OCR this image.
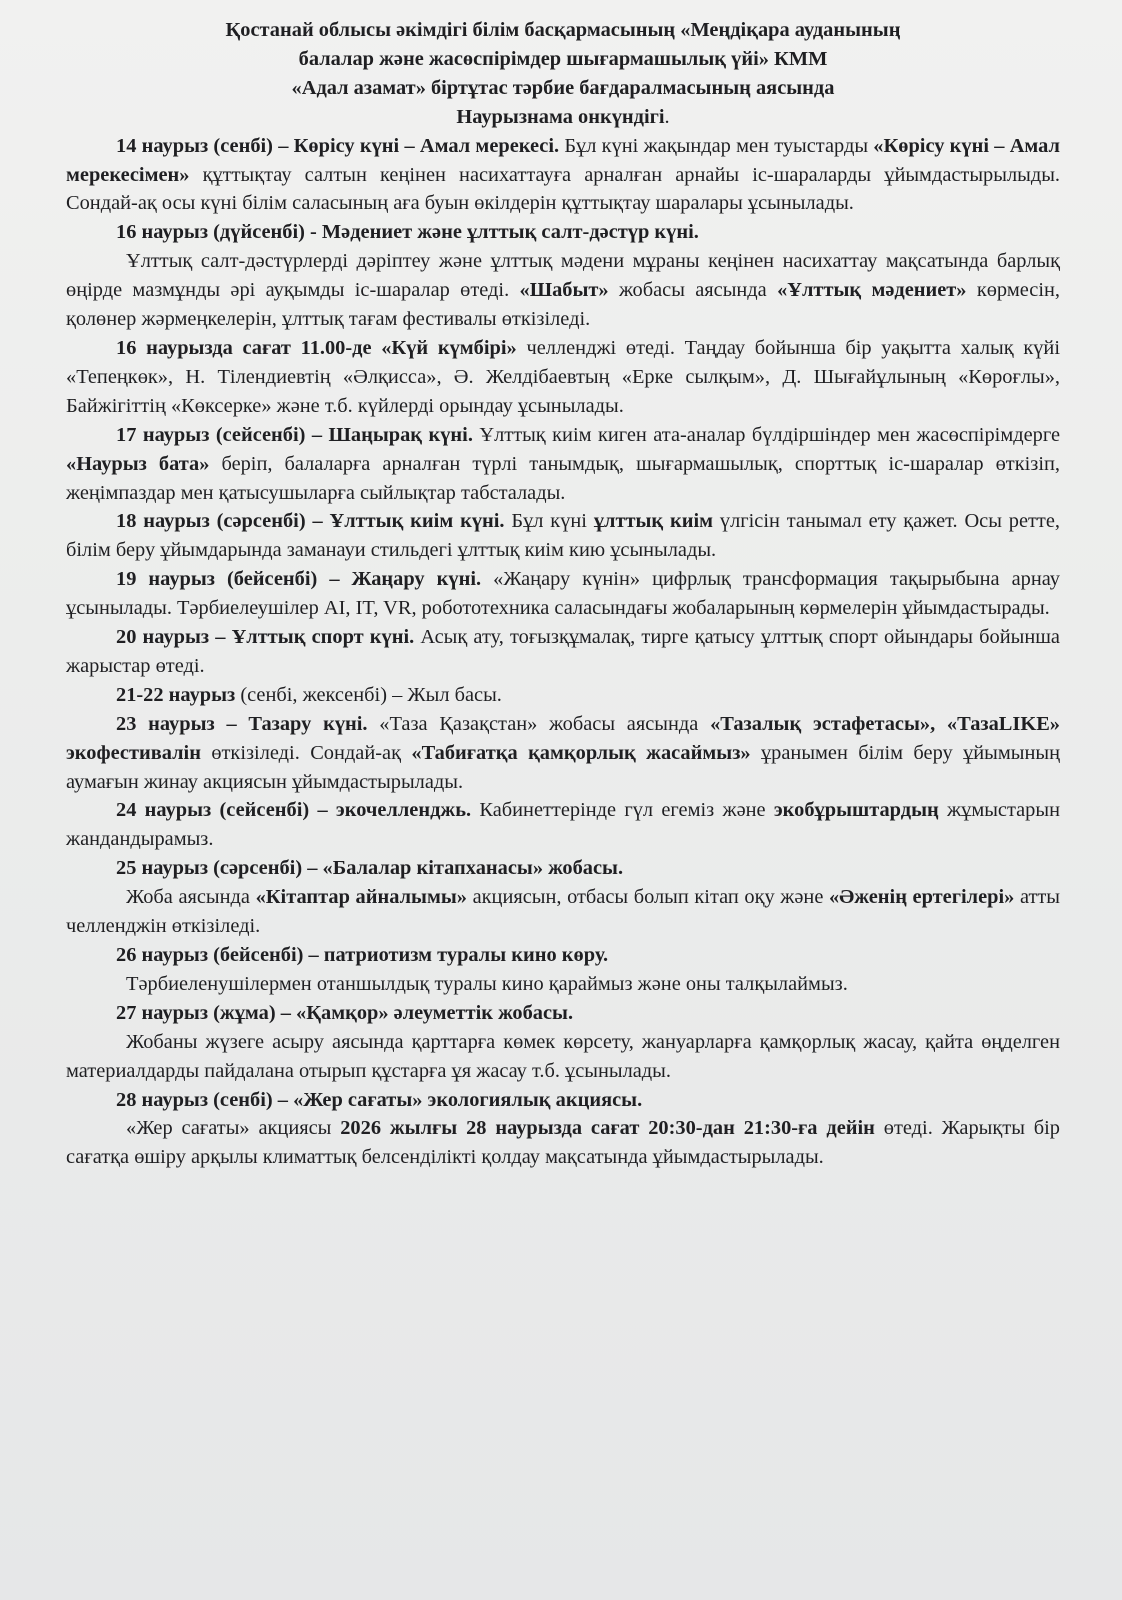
Қостанай облысы әкімдігі білім басқармасының «Меңдіқара ауданының
балалар және жасөспірімдер шығармашылық үйі» КММ
«Адал азамат» біртұтас тәрбие бағдаралмасының аясында
Наурызнама онкүндігі.

14 наурыз (сенбі) – Көрісу күні – Амал мерекесі. Бұл күні жақындар мен туыстарды «Көрісу күні – Амал мерекесімен» құттықтау салтын кеңінен насихаттауға арналған арнайы іс-шараларды ұйымдастырылыды. Сондай-ақ осы күні білім саласының аға буын өкілдерін құттықтау шаралары ұсынылады.

16 наурыз (дүйсенбі) - Мәдениет және ұлттық салт-дәстүр күні.

Ұлттық салт-дәстүрлерді дәріптеу және ұлттық мәдени мұраны кеңінен насихаттау мақсатында барлық өңірде мазмұнды әрі ауқымды іс-шаралар өтеді. «Шабыт» жобасы аясында «Ұлттық мәдениет» көрмесін, қолөнер жәрмеңкелерін, ұлттық тағам фестивалы өткізіледі.

16 наурызда сағат 11.00-де «Күй күмбірі» челленджі өтеді. Таңдау бойынша бір уақытта халық күйі «Тепеңкөк», Н. Тілендиевтің «Әлқисса», Ә. Желдібаевтың «Ерке сылқым», Д. Шығайұлының «Көроғлы», Байжігіттің «Көксерке» және т.б. күйлерді орындау ұсынылады.

17 наурыз (сейсенбі) – Шаңырақ күні. Ұлттық киім киген ата-аналар бүлдіршіндер мен жасөспірімдерге «Наурыз бата» беріп, балаларға арналған түрлі танымдық, шығармашылық, спорттық іс-шаралар өткізіп, жеңімпаздар мен қатысушыларға сыйлықтар табсталады.

18 наурыз (сәрсенбі) – Ұлттық киім күні. Бұл күні ұлттық киім үлгісін танымал ету қажет. Осы ретте, білім беру ұйымдарында заманауи стильдегі ұлттық киім кию ұсынылады.

19 наурыз (бейсенбі) – Жаңару күні. «Жаңару күнін» цифрлық трансформация тақырыбына арнау ұсынылады. Тәрбиелеушілер AI, IT, VR, робототехника саласындағы жобаларының көрмелерін ұйымдастырады.

20 наурыз – Ұлттық спорт күні. Асық ату, тоғызқұмалақ, тирге қатысу ұлттық спорт ойындары бойынша жарыстар өтеді.

21-22 наурыз (сенбі, жексенбі) – Жыл басы.

23 наурыз – Тазару күні. «Таза Қазақстан» жобасы аясында «Тазалық эстафетасы», «ТазаLIKE» экофестивалін өткізіледі. Сондай-ақ «Табиғатқа қамқорлық жасаймыз» ұранымен білім беру ұйымының аумағын жинау акциясын ұйымдастырылады.

24 наурыз (сейсенбі) – экочелленджь. Кабинеттерінде гүл егеміз және экобұрыштардың жұмыстарын жандандырамыз.

25 наурыз (сәрсенбі) – «Балалар кітапханасы» жобасы.

Жоба аясында «Кітаптар айналымы» акциясын, отбасы болып кітап оқу және «Әженің ертегілері» атты челленджін өткізіледі.

26 наурыз (бейсенбі) – патриотизм туралы кино көру.

Тәрбиеленушілермен отаншылдық туралы кино қараймыз және оны талқылаймыз.

27 наурыз (жұма) – «Қамқор» әлеуметтік жобасы.

Жобаны жүзеге асыру аясында қарттарға көмек көрсету, жануарларға қамқорлық жасау, қайта өңделген материалдарды пайдалана отырып құстарға ұя жасау т.б. ұсынылады.

28 наурыз (сенбі) – «Жер сағаты» экологиялық акциясы.

«Жер сағаты» акциясы 2026 жылғы 28 наурызда сағат 20:30-дан 21:30-ға дейін өтеді. Жарықты бір сағатқа өшіру арқылы климаттық белсенділікті қолдау мақсатында ұйымдастырылады.
